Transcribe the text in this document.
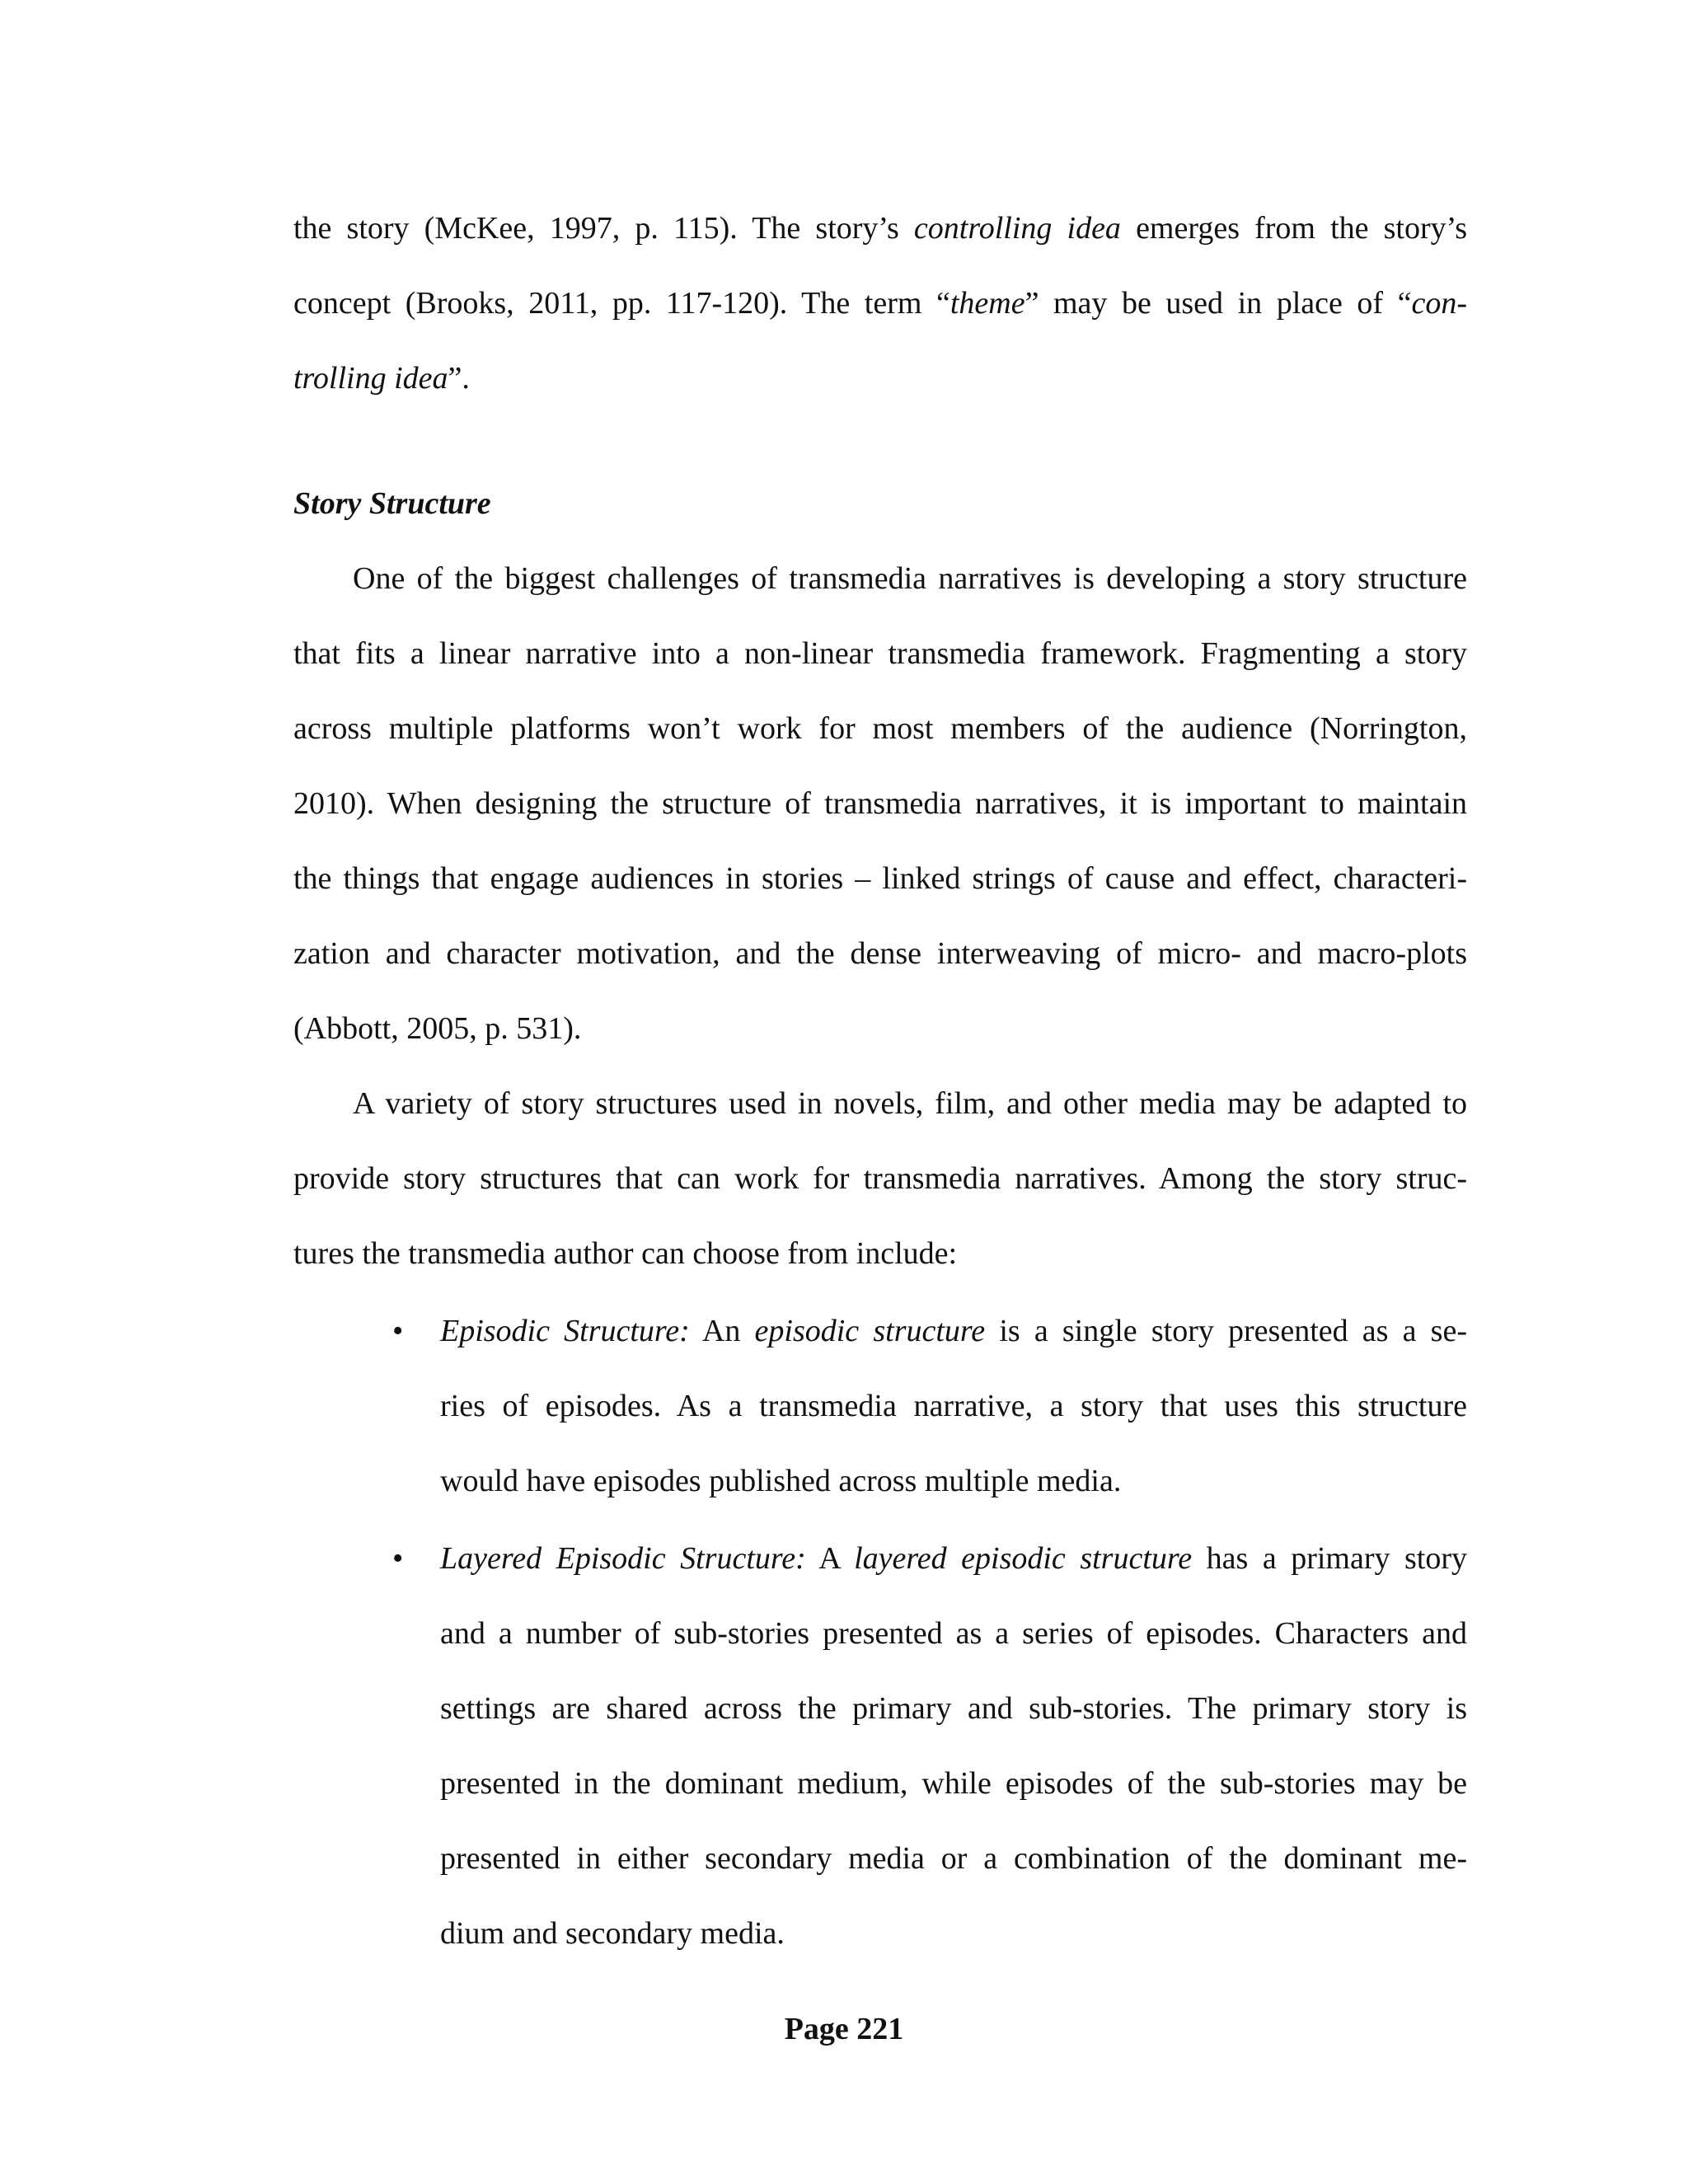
the story (McKee, 1997, p. 115). The story’s controlling idea emerges from the story’s
concept (Brooks, 2011, pp. 117-120). The term “theme” may be used in place of “con-
trolling idea”.
Story Structure
One of the biggest challenges of transmedia narratives is developing a story structure
that fits a linear narrative into a non-linear transmedia framework. Fragmenting a story
across multiple platforms won’t work for most members of the audience (Norrington,
2010). When designing the structure of transmedia narratives, it is important to maintain
the things that engage audiences in stories – linked strings of cause and effect, characteri-
zation and character motivation, and the dense interweaving of micro- and macro-plots
(Abbott, 2005, p. 531).
A variety of story structures used in novels, film, and other media may be adapted to
provide story structures that can work for transmedia narratives. Among the story struc-
tures the transmedia author can choose from include:
• Episodic Structure: An episodic structure is a single story presented as a se-
ries of episodes. As a transmedia narrative, a story that uses this structure
would have episodes published across multiple media.
• Layered Episodic Structure: A layered episodic structure has a primary story
and a number of sub-stories presented as a series of episodes. Characters and
settings are shared across the primary and sub-stories. The primary story is
presented in the dominant medium, while episodes of the sub-stories may be
presented in either secondary media or a combination of the dominant me-
dium and secondary media.
Page 221
